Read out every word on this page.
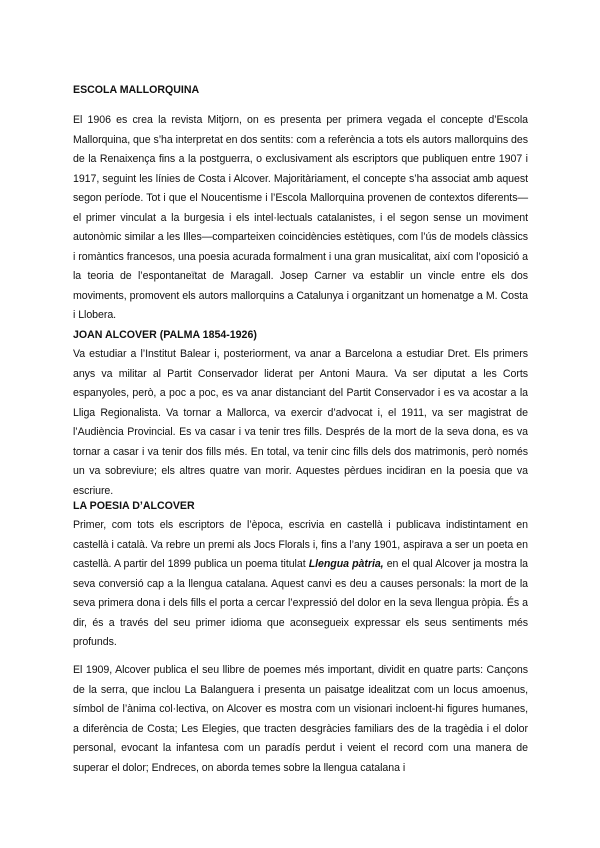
ESCOLA MALLORQUINA

El 1906 es crea la revista Mitjorn, on es presenta per primera vegada el concepte d’Escola Mallorquina, que s’ha interpretat en dos sentits: com a referència a tots els autors mallorquins des de la Renaixença fins a la postguerra, o exclusivament als escriptors que publiquen entre 1907 i 1917, seguint les línies de Costa i Alcover. Majoritàriament, el concepte s’ha associat amb aquest segon període. Tot i que el Noucentisme i l’Escola Mallorquina provenen de contextos diferents—el primer vinculat a la burgesia i els intel·lectuals catalanistes, i el segon sense un moviment autonòmic similar a les Illes—comparteixen coincidències estètiques, com l’ús de models clàssics i romàntics francesos, una poesia acurada formalment i una gran musicalitat, així com l’oposició a la teoria de l’espontaneïtat de Maragall. Josep Carner va establir un vincle entre els dos moviments, promovent els autors mallorquins a Catalunya i organitzant un homenatge a M. Costa i Llobera.

JOAN ALCOVER (PALMA 1854-1926)

Va estudiar a l’Institut Balear i, posteriorment, va anar a Barcelona a estudiar Dret. Els primers anys va militar al Partit Conservador liderat per Antoni Maura. Va ser diputat a les Corts espanyoles, però, a poc a poc, es va anar distanciant del Partit Conservador i es va acostar a la Lliga Regionalista. Va tornar a Mallorca, va exercir d’advocat i, el 1911, va ser magistrat de l’Audiència Provincial. Es va casar i va tenir tres fills. Després de la mort de la seva dona, es va tornar a casar i va tenir dos fills més. En total, va tenir cinc fills dels dos matrimonis, però només un va sobreviure; els altres quatre van morir. Aquestes pèrdues incidiran en la poesia que va escriure.

LA POESIA D’ALCOVER

Primer, com tots els escriptors de l’època, escrivia en castellà i publicava indistintament en castellà i català. Va rebre un premi als Jocs Florals i, fins a l’any 1901, aspirava a ser un poeta en castellà. A partir del 1899 publica un poema titulat Llengua pàtria, en el qual Alcover ja mostra la seva conversió cap a la llengua catalana. Aquest canvi es deu a causes personals: la mort de la seva primera dona i dels fills el porta a cercar l’expressió del dolor en la seva llengua pròpia. És a dir, és a través del seu primer idioma que aconsegueix expressar els seus sentiments més profunds.

El 1909, Alcover publica el seu llibre de poemes més important, dividit en quatre parts: Cançons de la serra, que inclou La Balanguera i presenta un paisatge idealitzat com un locus amoenus, símbol de l’ànima col·lectiva, on Alcover es mostra com un visionari incloent-hi figures humanes, a diferència de Costa; Les Elegies, que tracten desgràcies familiars des de la tragèdia i el dolor personal, evocant la infantesa com un paradís perdut i veient el record com una manera de superar el dolor; Endreces, on aborda temes sobre la llengua catalana i
